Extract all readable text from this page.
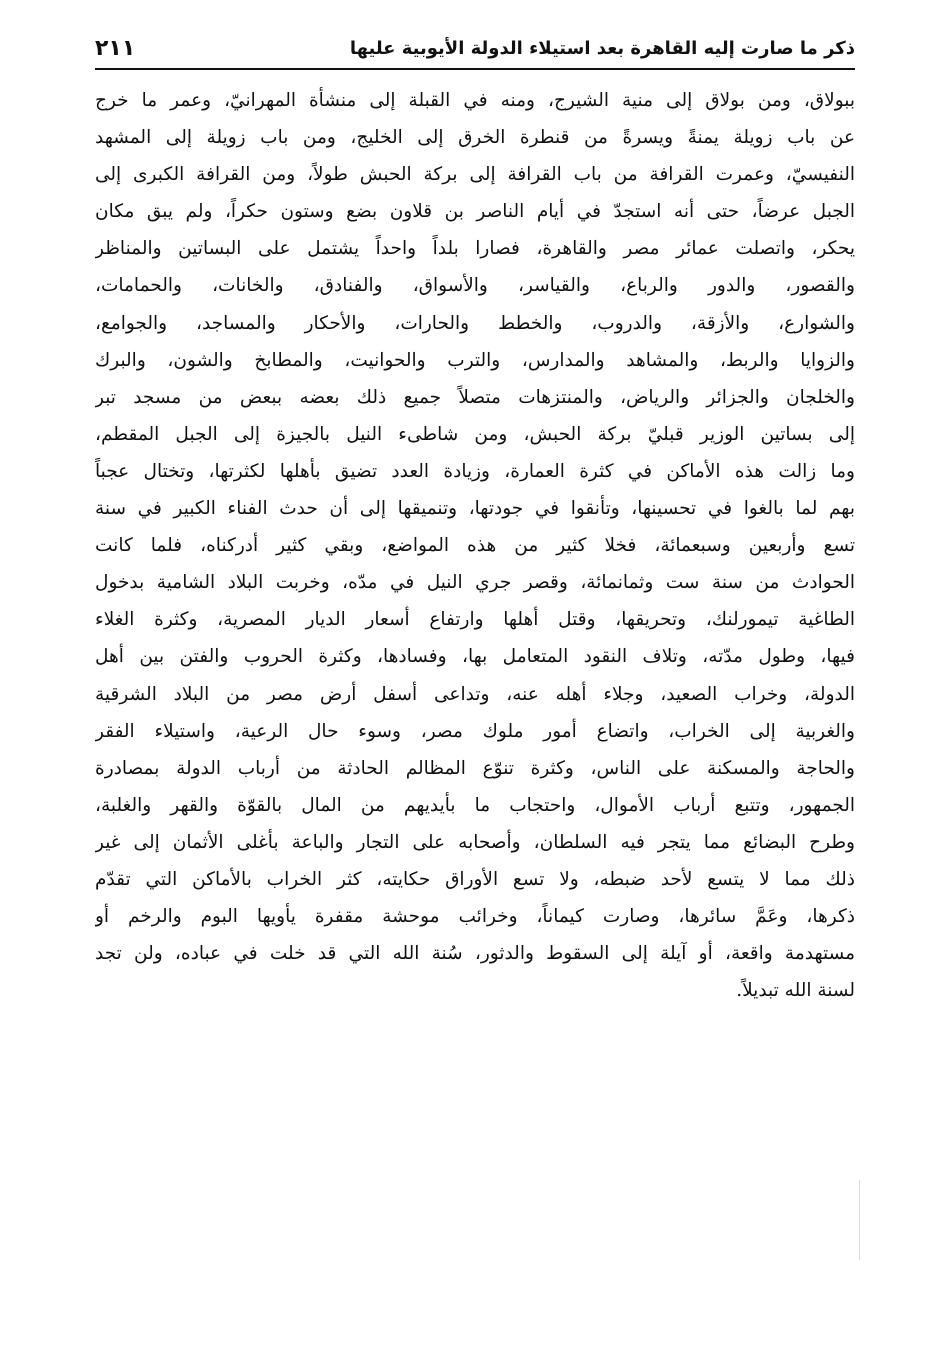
ذكر ما صارت إليه القاهرة بعد استيلاء الدولة الأيوبية عليها
٢١١
ببولاق، ومن بولاق إلى منية الشيرج، ومنه في القبلة إلى منشأة المهرانيّ، وعمر ما خرج
عن باب زويلة يمنةً ويسرةً من قنطرة الخرق إلى الخليج، ومن باب زويلة إلى المشهد
النفيسيّ، وعمرت القرافة من باب القرافة إلى بركة الحبش طولاً، ومن القرافة الكبرى إلى
الجبل عرضاً، حتى أنه استجدّ في أيام الناصر بن قلاون بضع وستون حكراً، ولم يبق مكان
يحكر، واتصلت عمائر مصر والقاهرة، فصارا بلداً واحداً يشتمل على البساتين والمناظر
والقصور، والدور والرباع، والقياسر، والأسواق، والفنادق، والخانات، والحمامات،
والشوارع، والأزقة، والدروب، والخطط والحارات، والأحكار والمساجد، والجوامع،
والزوايا والربط، والمشاهد والمدارس، والترب والحوانيت، والمطابخ والشون، والبرك
والخلجان والجزائر والرياض، والمنتزهات متصلاً جميع ذلك بعضه ببعض من مسجد تبر
إلى بساتين الوزير قبليّ بركة الحبش، ومن شاطىء النيل بالجيزة إلى الجبل المقطم،
وما زالت هذه الأماكن في كثرة العمارة، وزيادة العدد تضيق بأهلها لكثرتها، وتختال عجباً
بهم لما بالغوا في تحسينها، وتأنقوا في جودتها، وتنميقها إلى أن حدث الفناء الكبير في سنة
تسع وأربعين وسبعمائة، فخلا كثير من هذه المواضع، وبقي كثير أدركناه، فلما كانت
الحوادث من سنة ست وثمانمائة، وقصر جري النيل في مدّه، وخربت البلاد الشامية بدخول
الطاغية تيمورلنك، وتحريقها، وقتل أهلها وارتفاع أسعار الديار المصرية، وكثرة الغلاء
فيها، وطول مدّته، وتلاف النقود المتعامل بها، وفسادها، وكثرة الحروب والفتن بين أهل
الدولة، وخراب الصعيد، وجلاء أهله عنه، وتداعى أسفل أرض مصر من البلاد الشرقية
والغربية إلى الخراب، واتضاع أمور ملوك مصر، وسوء حال الرعية، واستيلاء الفقر
والحاجة والمسكنة على الناس، وكثرة تنوّع المظالم الحادثة من أرباب الدولة بمصادرة
الجمهور، وتتبع أرباب الأموال، واحتجاب ما بأيديهم من المال بالقوّة والقهر والغلبة،
وطرح البضائع مما يتجر فيه السلطان، وأصحابه على التجار والباعة بأغلى الأثمان إلى غير
ذلك مما لا يتسع لأحد ضبطه، ولا تسع الأوراق حكايته، كثر الخراب بالأماكن التي تقدّم
ذكرها، وعَمَّ سائرها، وصارت كيماناً، وخرائب موحشة مقفرة يأويها البوم والرخم أو
مستهدمة واقعة، أو آيلة إلى السقوط والدثور، سُنة الله التي قد خلت في عباده، ولن تجد
لسنة الله تبديلاً.
